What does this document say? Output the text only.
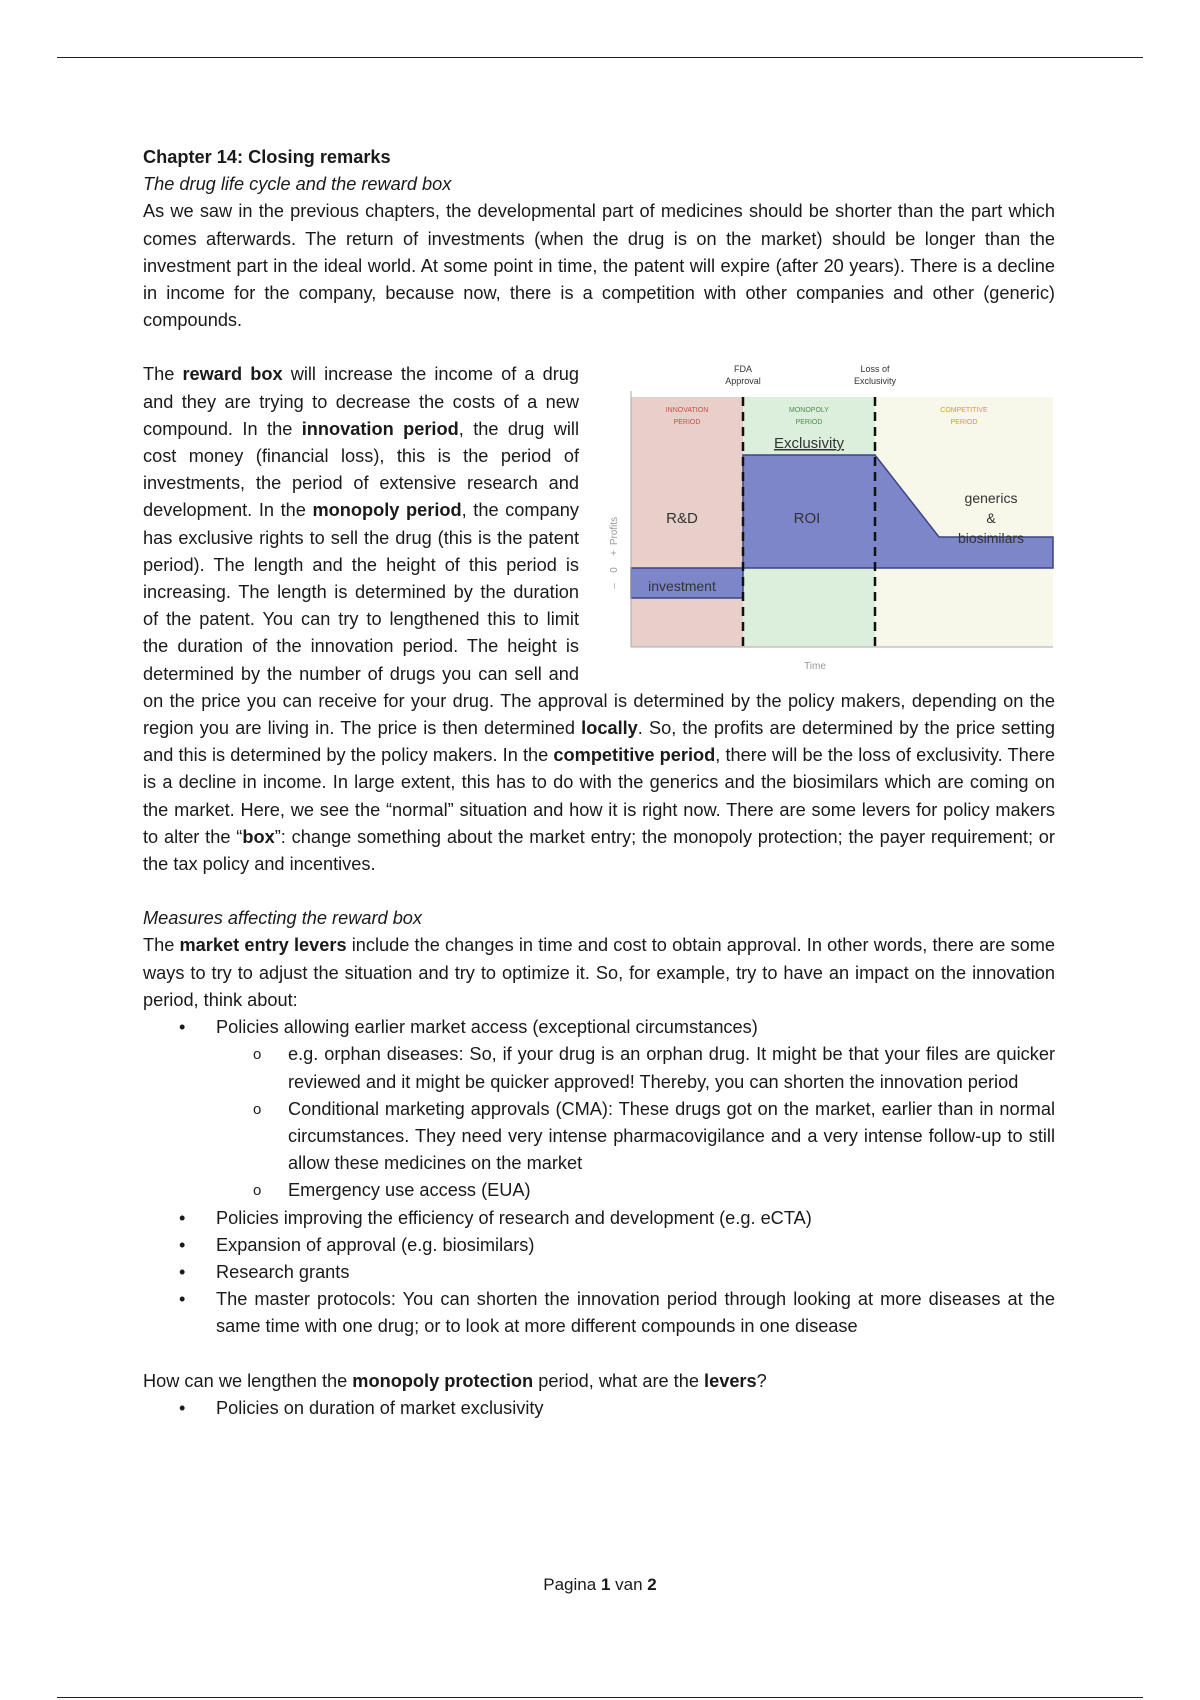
Chapter 14: Closing remarks

The drug life cycle and the reward box

As we saw in the previous chapters, the developmental part of medicines should be shorter than the part which comes afterwards. The return of investments (when the drug is on the market) should be longer than the investment part in the ideal world. At some point in time, the patent will expire (after 20 years). There is a decline in income for the company, because now, there is a competition with other companies and other (generic) compounds.

FDA
Approval
Loss of
Exclusivity
INNOVATION
PERIOD
MONOPOLY
PERIOD
COMPETITIVE
PERIOD
Exclusivity
R&D	ROI
generics
&
biosimilars
investment
Profits
+
0
–
Time

The reward box will increase the income of a drug and they are trying to decrease the costs of a new compound. In the innovation period, the drug will cost money (financial loss), this is the period of investments, the period of extensive research and development. In the monopoly period, the company has exclusive rights to sell the drug (this is the patent period). The length and the height of this period is increasing. The length is determined by the duration of the patent. You can try to lengthened this to limit the duration of the innovation period. The height is determined by the number of drugs you can sell and on the price you can receive for your drug. The approval is determined by the policy makers, depending on the region you are living in. The price is then determined locally. So, the profits are determined by the price setting and this is determined by the policy makers. In the competitive period, there will be the loss of exclusivity. There is a decline in income. In large extent, this has to do with the generics and the biosimilars which are coming on the market. Here, we see the “normal” situation and how it is right now. There are some levers for policy makers to alter the “box”: change something about the market entry; the monopoly protection; the payer requirement; or the tax policy and incentives.

Measures affecting the reward box

The market entry levers include the changes in time and cost to obtain approval. In other words, there are some ways to try to adjust the situation and try to optimize it. So, for example, try to have an impact on the innovation period, think about:

• Policies allowing earlier market access (exceptional circumstances)
o e.g. orphan diseases: So, if your drug is an orphan drug. It might be that your files are quicker reviewed and it might be quicker approved! Thereby, you can shorten the innovation period
o Conditional marketing approvals (CMA): These drugs got on the market, earlier than in normal circumstances. They need very intense pharmacovigilance and a very intense follow-up to still allow these medicines on the market
o Emergency use access (EUA)
• Policies improving the efficiency of research and development (e.g. eCTA)
• Expansion of approval (e.g. biosimilars)
• Research grants
• The master protocols: You can shorten the innovation period through looking at more diseases at the same time with one drug; or to look at more different compounds in one disease

How can we lengthen the monopoly protection period, what are the levers?

• Policies on duration of market exclusivity
Pagina 1 van 2
